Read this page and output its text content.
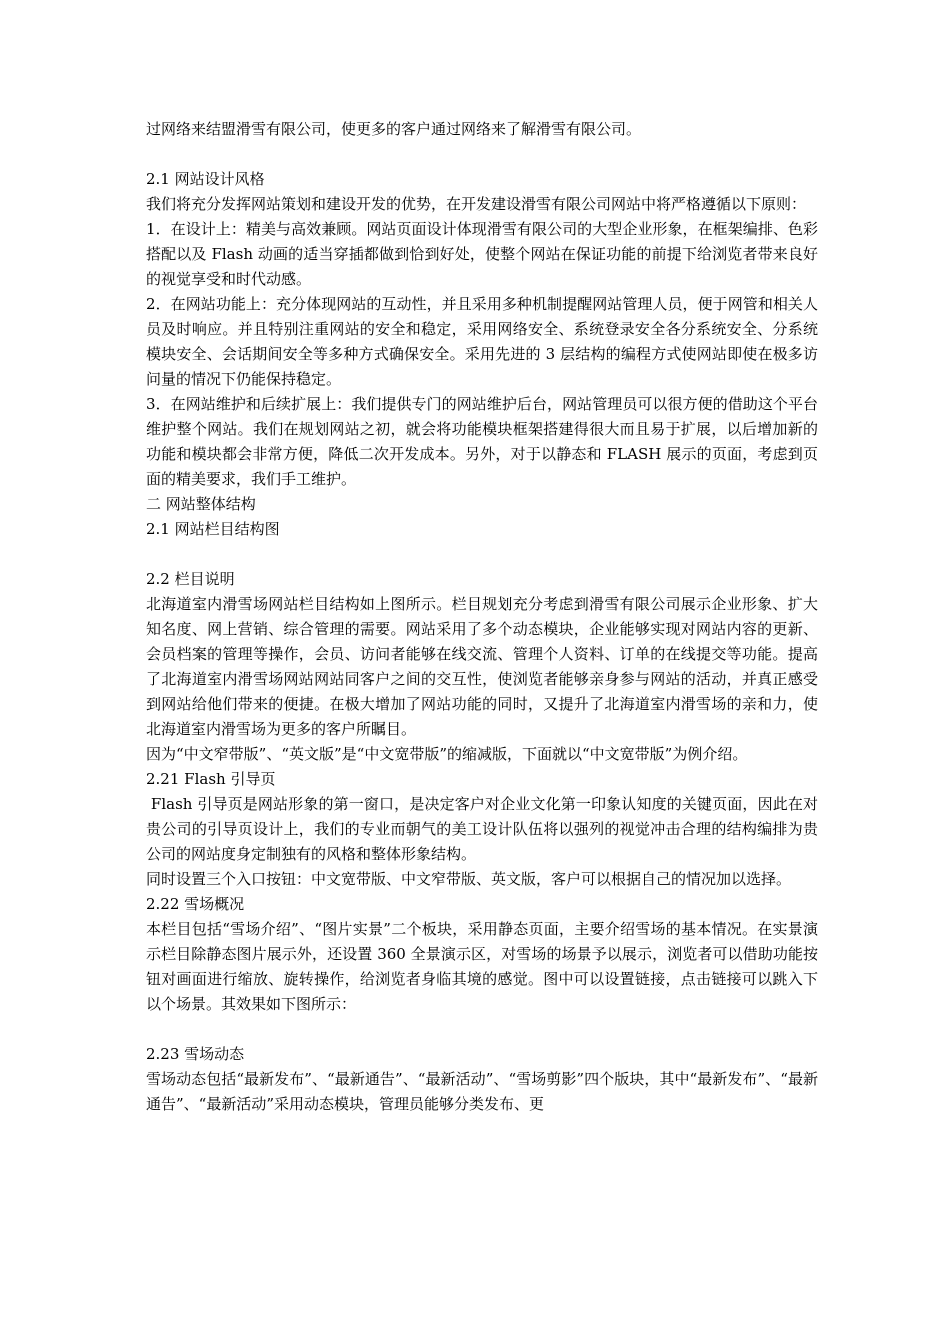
过网络来结盟滑雪有限公司，使更多的客户通过网络来了解滑雪有限公司。

2.1 网站设计风格

我们将充分发挥网站策划和建设开发的优势，在开发建设滑雪有限公司网站中将严格遵循以下原则：

1．在设计上：精美与高效兼顾。网站页面设计体现滑雪有限公司的大型企业形象，在框架编排、色彩搭配以及 Flash 动画的适当穿插都做到恰到好处，使整个网站在保证功能的前提下给浏览者带来良好的视觉享受和时代动感。

2．在网站功能上：充分体现网站的互动性，并且采用多种机制提醒网站管理人员，便于网管和相关人员及时响应。并且特别注重网站的安全和稳定，采用网络安全、系统登录安全各分系统安全、分系统模块安全、会话期间安全等多种方式确保安全。采用先进的 3 层结构的编程方式使网站即使在极多访问量的情况下仍能保持稳定。

3．在网站维护和后续扩展上：我们提供专门的网站维护后台，网站管理员可以很方便的借助这个平台维护整个网站。我们在规划网站之初，就会将功能模块框架搭建得很大而且易于扩展，以后增加新的功能和模块都会非常方便，降低二次开发成本。另外，对于以静态和 FLASH 展示的页面，考虑到页面的精美要求，我们手工维护。

二 网站整体结构

2.1 网站栏目结构图

2.2 栏目说明

北海道室内滑雪场网站栏目结构如上图所示。栏目规划充分考虑到滑雪有限公司展示企业形象、扩大知名度、网上营销、综合管理的需要。网站采用了多个动态模块，企业能够实现对网站内容的更新、会员档案的管理等操作，会员、访问者能够在线交流、管理个人资料、订单的在线提交等功能。提高了北海道室内滑雪场网站网站同客户之间的交互性，使浏览者能够亲身参与网站的活动，并真正感受到网站给他们带来的便捷。在极大增加了网站功能的同时，又提升了北海道室内滑雪场的亲和力，使北海道室内滑雪场为更多的客户所瞩目。

因为“中文窄带版”、“英文版”是“中文宽带版”的缩减版，下面就以“中文宽带版”为例介绍。

2.21 Flash 引导页

Flash 引导页是网站形象的第一窗口，是决定客户对企业文化第一印象认知度的关键页面，因此在对贵公司的引导页设计上，我们的专业而朝气的美工设计队伍将以强列的视觉冲击合理的结构编排为贵公司的网站度身定制独有的风格和整体形象结构。

同时设置三个入口按钮：中文宽带版、中文窄带版、英文版，客户可以根据自己的情况加以选择。

2.22 雪场概况

本栏目包括“雪场介绍”、“图片实景”二个板块，采用静态页面，主要介绍雪场的基本情况。在实景演示栏目除静态图片展示外，还设置 360 全景演示区，对雪场的场景予以展示，浏览者可以借助功能按钮对画面进行缩放、旋转操作，给浏览者身临其境的感觉。图中可以设置链接，点击链接可以跳入下以个场景。其效果如下图所示：

2.23 雪场动态

雪场动态包括“最新发布”、“最新通告”、“最新活动”、“雪场剪影”四个版块，其中“最新发布”、“最新通告”、“最新活动”采用动态模块，管理员能够分类发布、更
